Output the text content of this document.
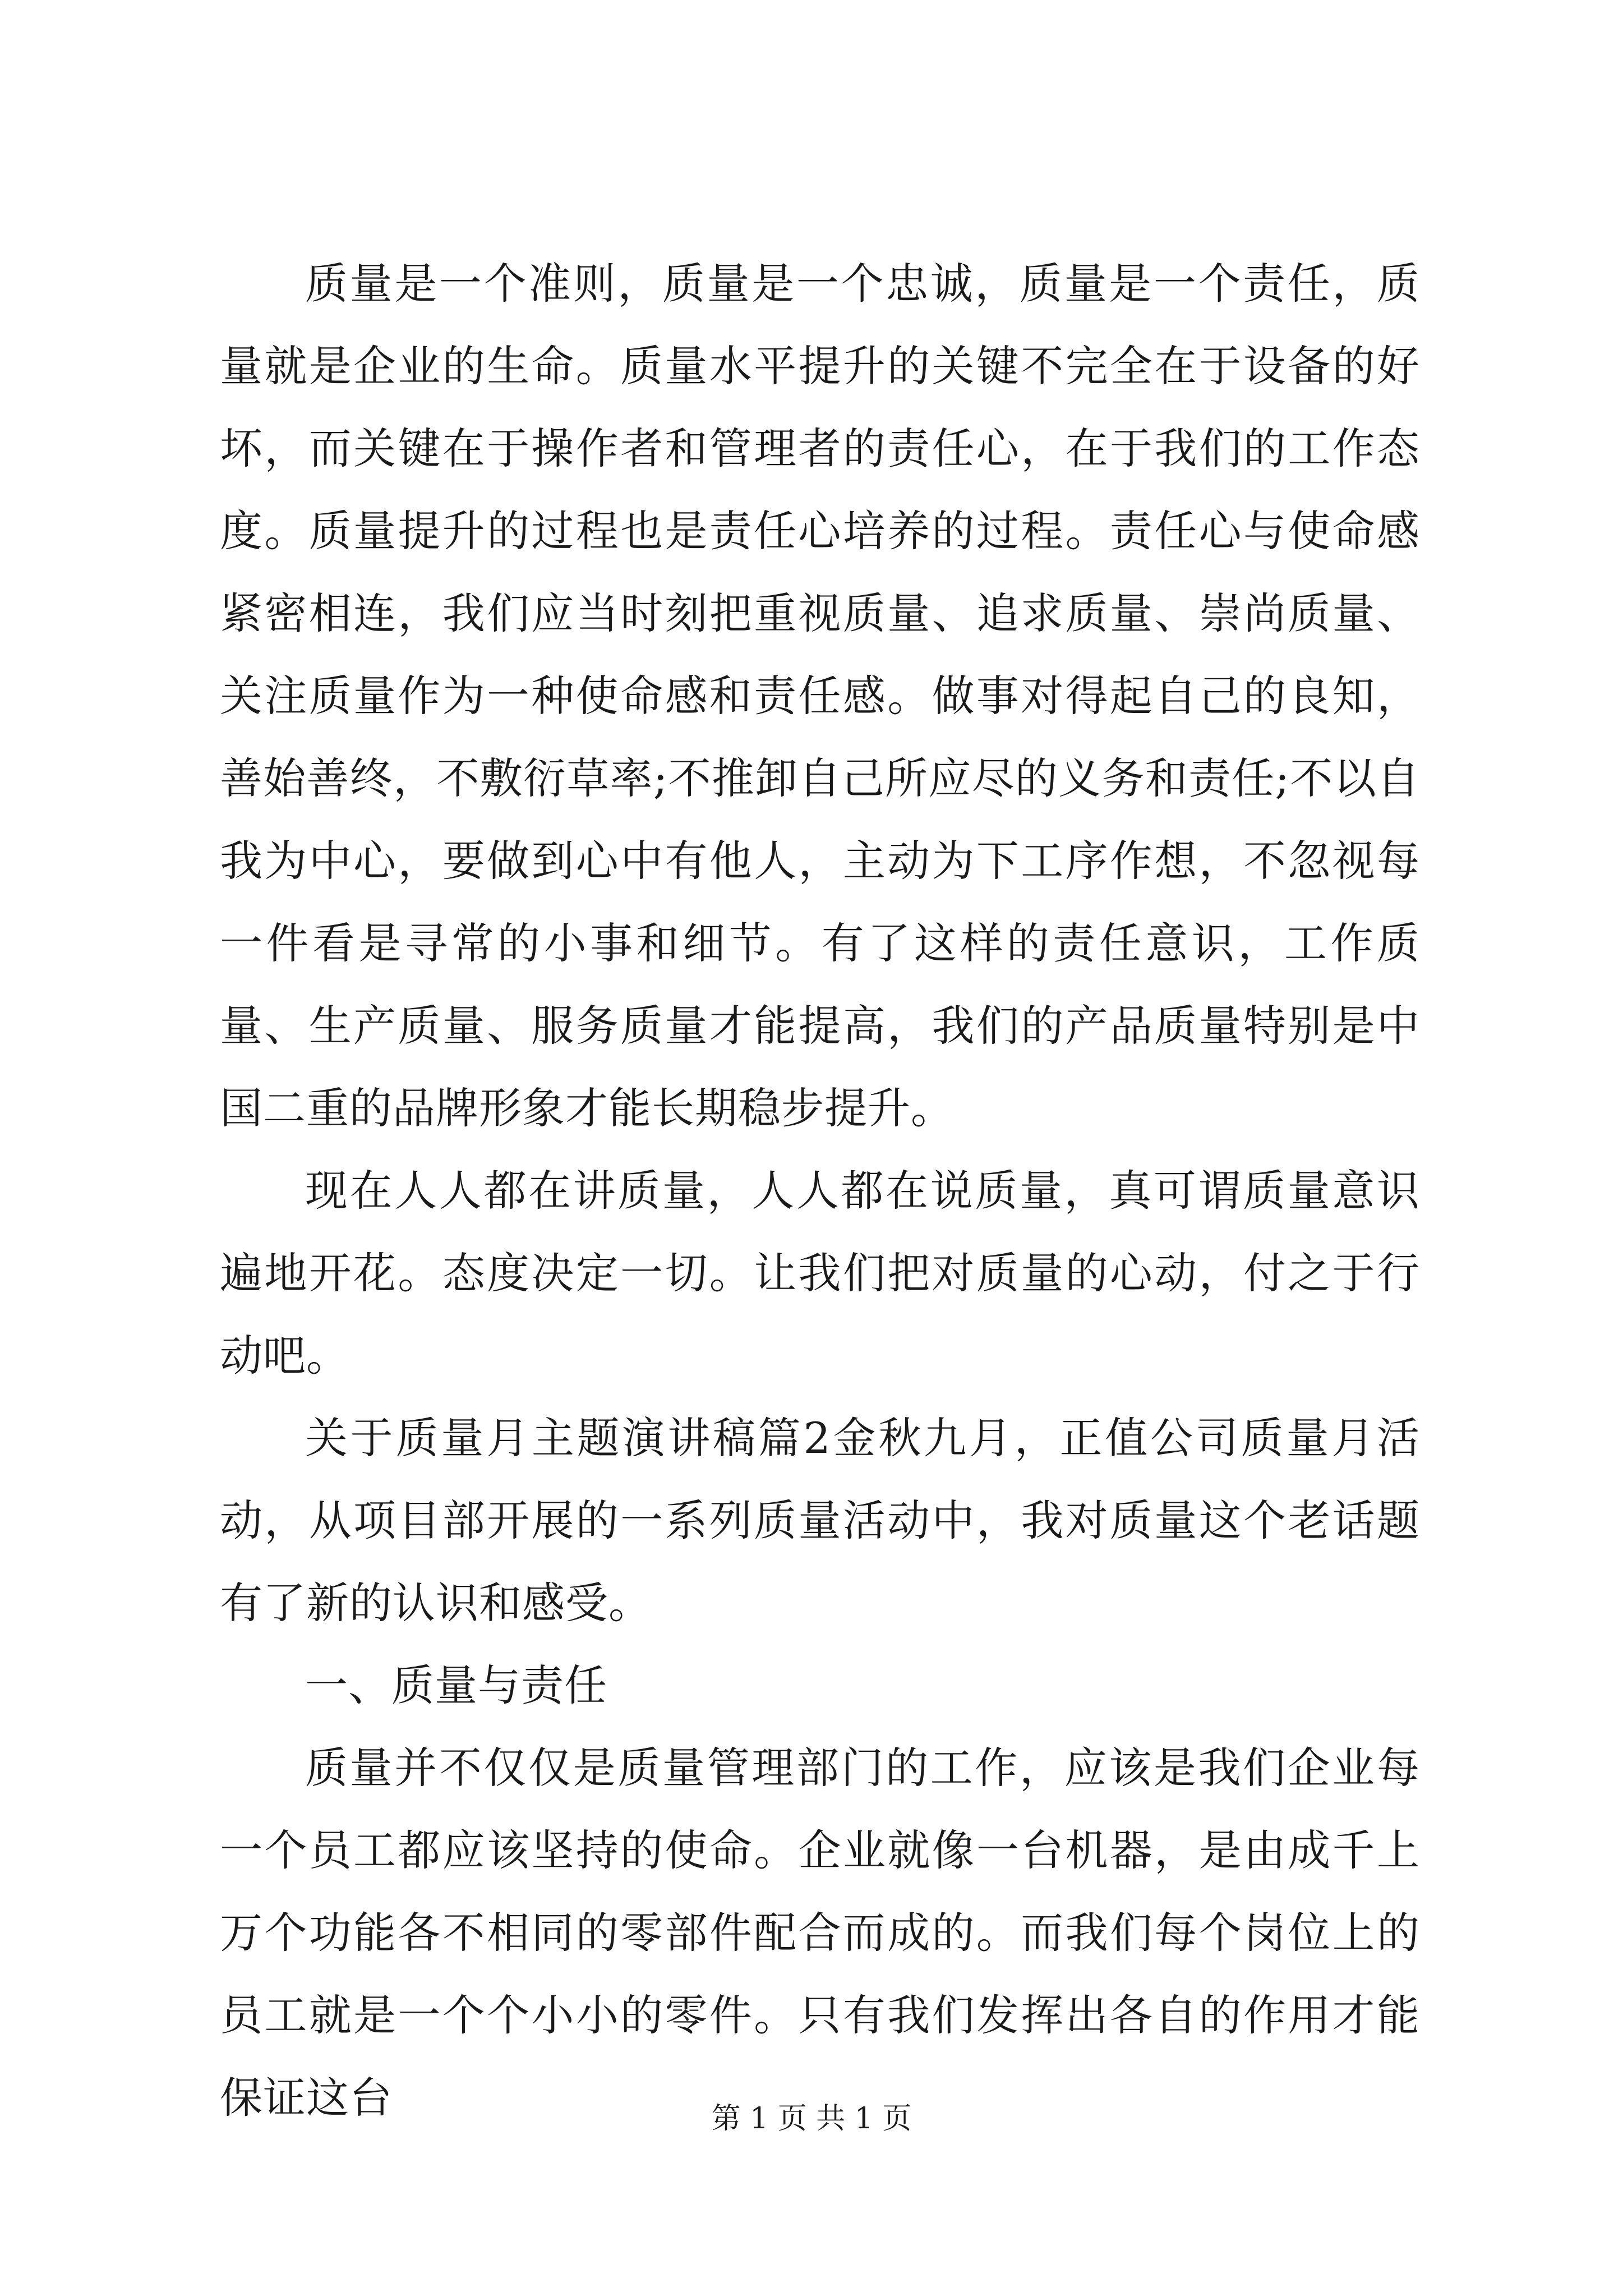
质量是一个准则，质量是一个忠诚，质量是一个责任，质量就是企业的生命。质量水平提升的关键不完全在于设备的好坏，而关键在于操作者和管理者的责任心，在于我们的工作态度。质量提升的过程也是责任心培养的过程。责任心与使命感紧密相连，我们应当时刻把重视质量、追求质量、崇尚质量、关注质量作为一种使命感和责任感。做事对得起自己的良知，善始善终，不敷衍草率;不推卸自己所应尽的义务和责任;不以自我为中心，要做到心中有他人，主动为下工序作想，不忽视每一件看是寻常的小事和细节。有了这样的责任意识，工作质量、生产质量、服务质量才能提高，我们的产品质量特别是中国二重的品牌形象才能长期稳步提升。

现在人人都在讲质量，人人都在说质量，真可谓质量意识遍地开花。态度决定一切。让我们把对质量的心动，付之于行动吧。

关于质量月主题演讲稿篇2金秋九月，正值公司质量月活动，从项目部开展的一系列质量活动中，我对质量这个老话题有了新的认识和感受。

一、质量与责任

质量并不仅仅是质量管理部门的工作，应该是我们企业每一个员工都应该坚持的使命。企业就像一台机器，是由成千上万个功能各不相同的零部件配合而成的。而我们每个岗位上的员工就是一个个小小的零件。只有我们发挥出各自的作用才能保证这台	第 1 页 共 1 页
